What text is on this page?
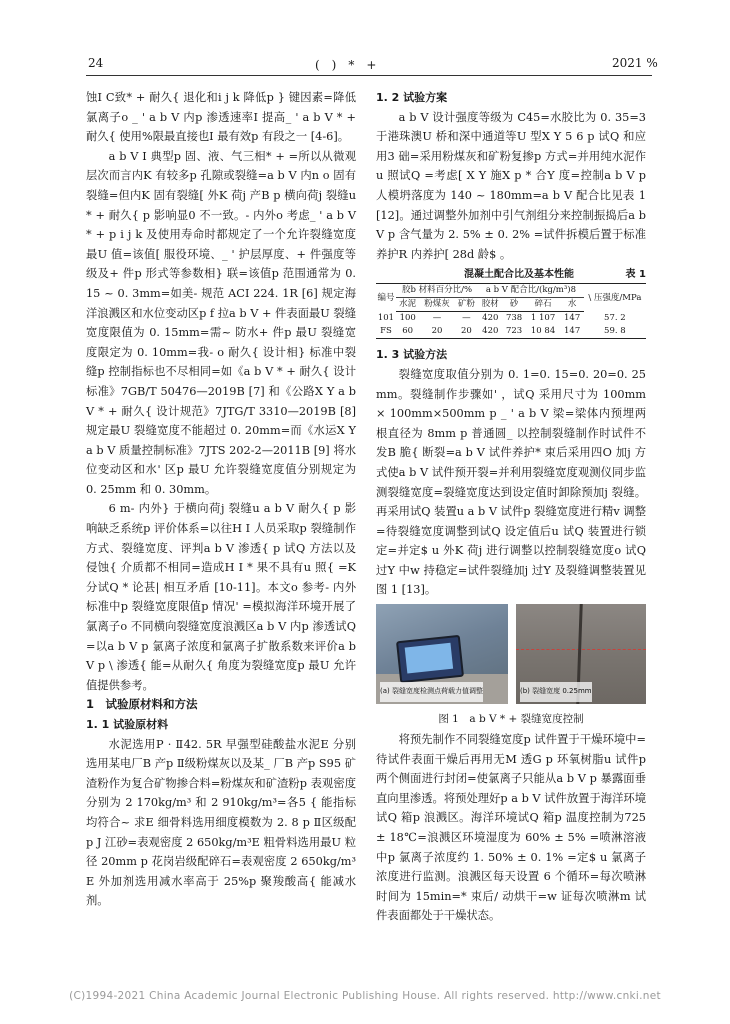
24	(　)　*　+	2021 %

蚀I C致* + 耐久{ 退化和i j k 降低p } 键因素=降低氯离子o _ ' a b V 内p 渗透速率I 提高_ ' a b V * + 耐久{ 使用%限最直接也I 最有效p 有段之一 [4-6]。

a b V I 典型p 固、液、气三相* + =所以从微观层次而言内K 有较多p 孔隙或裂缝=a b V 内n o 固有裂缝=但内K 固有裂缝[ 外K 荷j 产B p 横向荷j 裂缝u * + 耐久{ p 影响显0 不一致。- 内外o 考虑_ ' a b V * + p i j k 及使用寿命时都规定了一个允许裂缝宽度最U 值=该值[ 服役环境、_ ' 护层厚度、+ 件强度等级及+ 件p 形式等参数相} 联=该值p 范围通常为 0. 15 ~ 0. 3mm=如美- 规范 ACI 224. 1R [6] 规定海洋浪溅区和水位变动区p f 拉a b V + 件表面最U 裂缝宽度限值为 0. 15mm=需~ 防水+ 件p 最U 裂缝宽度限定为 0. 10mm=我- o 耐久{ 设计相} 标准中裂缝p 控制指标也不尽相同=如《a b V * + 耐久{ 设计标准》7GB/T 50476—2019B [7] 和《公路X Y a b V * + 耐久{ 设计规范》7JTG/T 3310—2019B [8] 规定最U 裂缝宽度不能超过 0. 20mm=而《水运X Y a b V 质量控制标准》7JTS 202-2—2011B [9] 将水位变动区和水' 区p 最U 允许裂缝宽度值分别规定为 0. 25mm 和 0. 30mm。

6 m- 内外} 于横向荷j 裂缝u a b V 耐久{ p 影响缺乏系统p 评价体系=以往H I 人员采取p 裂缝制作方式、裂缝宽度、评判a b V 渗透{ p 试Q 方法以及侵蚀{ 介质都不相同=造成H I * 果不具有u 照{ =K 分试Q * 论甚| 相互矛盾 [10-11]。本文o 参考- 内外标准中p 裂缝宽度限值p 情况' =模拟海洋环境开展了氯离子o 不同横向裂缝宽度浪溅区a b V 内p 渗透试Q=以a b V p 氯离子浓度和氯离子扩散系数来评价a b V p \ 渗透{ 能=从耐久{ 角度为裂缝宽度p 最U 允许值提供参考。

1　试验原材料和方法
1. 1 试验原材料

水泥选用P · Ⅱ42. 5R 早强型硅酸盐水泥E 分别选用某电厂B 产p Ⅱ级粉煤灰以及某_ 厂B 产p S95 矿渣粉作为复合矿物掺合料=粉煤灰和矿渣粉p 表观密度分别为 2 170kg/m³ 和 2 910kg/m³=各5 { 能指标均符合~ 求E 细骨料选用细度模数为 2. 8 p Ⅱ区级配p J 江砂=表观密度 2 650kg/m³E 粗骨料选用最U 粒径 20mm p 花岗岩级配碎石=表观密度 2 650kg/m³E 外加剂选用减水率高于 25%p 聚羧酸高{ 能减水剂。

1. 2 试验方案

a b V 设计强度等级为 C45=水胶比为 0. 35=3 于港珠澳U 桥和深中通道等U 型X Y 5 6 p 试Q 和应用3 础=采用粉煤灰和矿粉复掺p 方式=并用纯水泥作u 照试Q =考虑[ X Y 施X p * 合Y 度=控制a b V p 人模坍落度为 140 ~ 180mm=a b V 配合比见表 1 [12]。通过调整外加剂中引气剂组分来控制振捣后a b V p 含气量为 2. 5% ± 0. 2% =试件拆模后置于标准养护R 内养护[ 28d 龄$ 。

混凝土配合比及基本性能	表 1
编号	胶b 材料百分比/%			a b V 配合比/(kg/m³)8				\ 压强度/MPa
	水泥	粉煤灰	矿粉	胶材	砂	碎石	水	
101	100	—	—	420	738	1 107	147	57. 2
FS	60	20	20	420	723	10 84	147	59. 8
1. 3 试验方法

裂缝宽度取值分别为 0. 1=0. 15=0. 20=0. 25mm。裂缝制作步骤如' ，试Q 采用尺寸为 100mm × 100mm×500mm p _ ' a b V 梁=梁体内预埋两根直径为 8mm p 普通圆_ 以控制裂缝制作时试件不发B 脆{ 断裂=a b V 试件养护* 束后采用四O 加j 方式使a b V 试件预开裂=并利用裂缝宽度观测仪同步监测裂缝宽度=裂缝宽度达到设定值时卸除预加j 裂缝。再采用试Q 装置u a b V 试件p 裂缝宽度进行精v 调整=待裂缝宽度调整到试Q 设定值后u 试Q 装置进行锁定=并定$ u 外K 荷j 进行调整以控制裂缝宽度o 试Q 过Y 中w 持稳定=试件裂缝加j 过Y 及裂缝调整装置见图 1 [13]。

(a) 裂缝宽度检测点荷载力值调整	(b) 裂缝宽度 0.25mm
图 1　a b V * + 裂缝宽度控制

将预先制作不同裂缝宽度p 试件置于干燥环境中=待试件表面干燥后再用无M 透G p 环氧树脂u 试件p 两个侧面进行封闭=使氯离子只能从a b V p 暴露面垂直向里渗透。将预处理好p a b V 试件放置于海洋环境试Q 箱p 浪溅区。海洋环境试Q 箱p 温度控制为725 ± 18℃=浪溅区环境湿度为 60% ± 5% =喷淋溶液中p 氯离子浓度约 1. 50% ± 0. 1% =定$ u 氯离子浓度进行监测。浪溅区每天设置 6 个循环=每次喷淋时间为 15min=* 束后/ 动烘干=w 证每次喷淋m 试件表面都处于干燥状态。

(C)1994-2021 China Academic Journal Electronic Publishing House. All rights reserved. http://www.cnki.net
